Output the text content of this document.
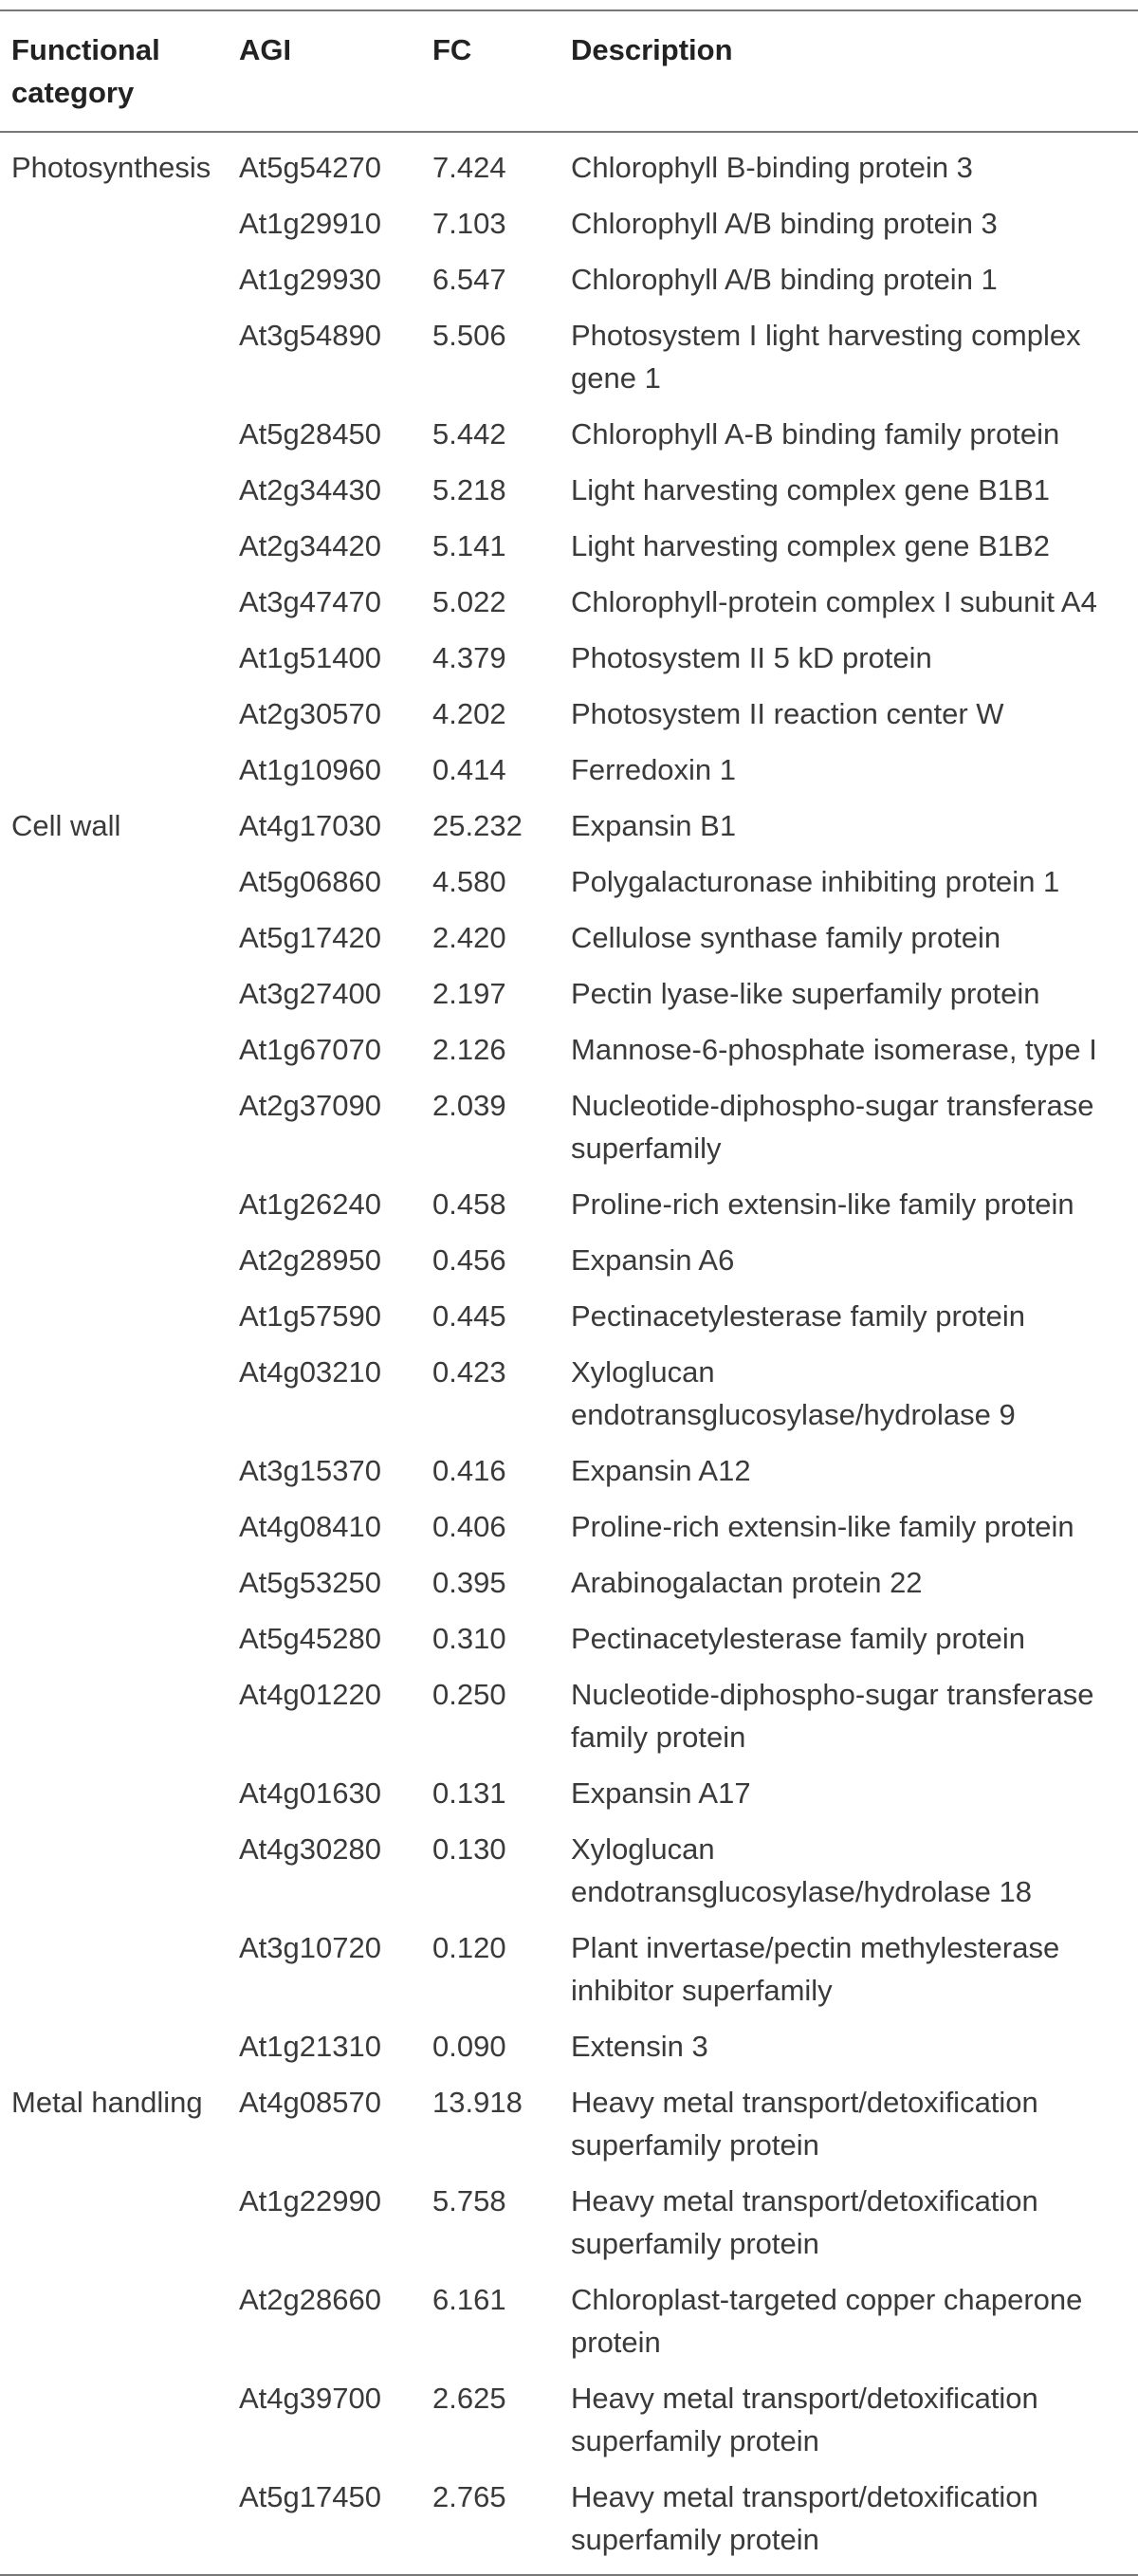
Functional category	AGI	FC	Description
Photosynthesis	At5g54270	7.424	Chlorophyll B-binding protein 3
	At1g29910	7.103	Chlorophyll A/B binding protein 3
	At1g29930	6.547	Chlorophyll A/B binding protein 1
	At3g54890	5.506	Photosystem I light harvesting complex gene 1
	At5g28450	5.442	Chlorophyll A-B binding family protein
	At2g34430	5.218	Light harvesting complex gene B1B1
	At2g34420	5.141	Light harvesting complex gene B1B2
	At3g47470	5.022	Chlorophyll-protein complex I subunit A4
	At1g51400	4.379	Photosystem II 5 kD protein
	At2g30570	4.202	Photosystem II reaction center W
	At1g10960	0.414	Ferredoxin 1
Cell wall	At4g17030	25.232	Expansin B1
	At5g06860	4.580	Polygalacturonase inhibiting protein 1
	At5g17420	2.420	Cellulose synthase family protein
	At3g27400	2.197	Pectin lyase-like superfamily protein
	At1g67070	2.126	Mannose-6-phosphate isomerase, type I
	At2g37090	2.039	Nucleotide-diphospho-sugar transferase superfamily
	At1g26240	0.458	Proline-rich extensin-like family protein
	At2g28950	0.456	Expansin A6
	At1g57590	0.445	Pectinacetylesterase family protein
	At4g03210	0.423	Xyloglucan endotransglucosylase/hydrolase 9
	At3g15370	0.416	Expansin A12
	At4g08410	0.406	Proline-rich extensin-like family protein
	At5g53250	0.395	Arabinogalactan protein 22
	At5g45280	0.310	Pectinacetylesterase family protein
	At4g01220	0.250	Nucleotide-diphospho-sugar transferase family protein
	At4g01630	0.131	Expansin A17
	At4g30280	0.130	Xyloglucan endotransglucosylase/hydrolase 18
	At3g10720	0.120	Plant invertase/pectin methylesterase inhibitor superfamily
	At1g21310	0.090	Extensin 3
Metal handling	At4g08570	13.918	Heavy metal transport/detoxification superfamily protein
	At1g22990	5.758	Heavy metal transport/detoxification superfamily protein
	At2g28660	6.161	Chloroplast-targeted copper chaperone protein
	At4g39700	2.625	Heavy metal transport/detoxification superfamily protein
	At5g17450	2.765	Heavy metal transport/detoxification superfamily protein
